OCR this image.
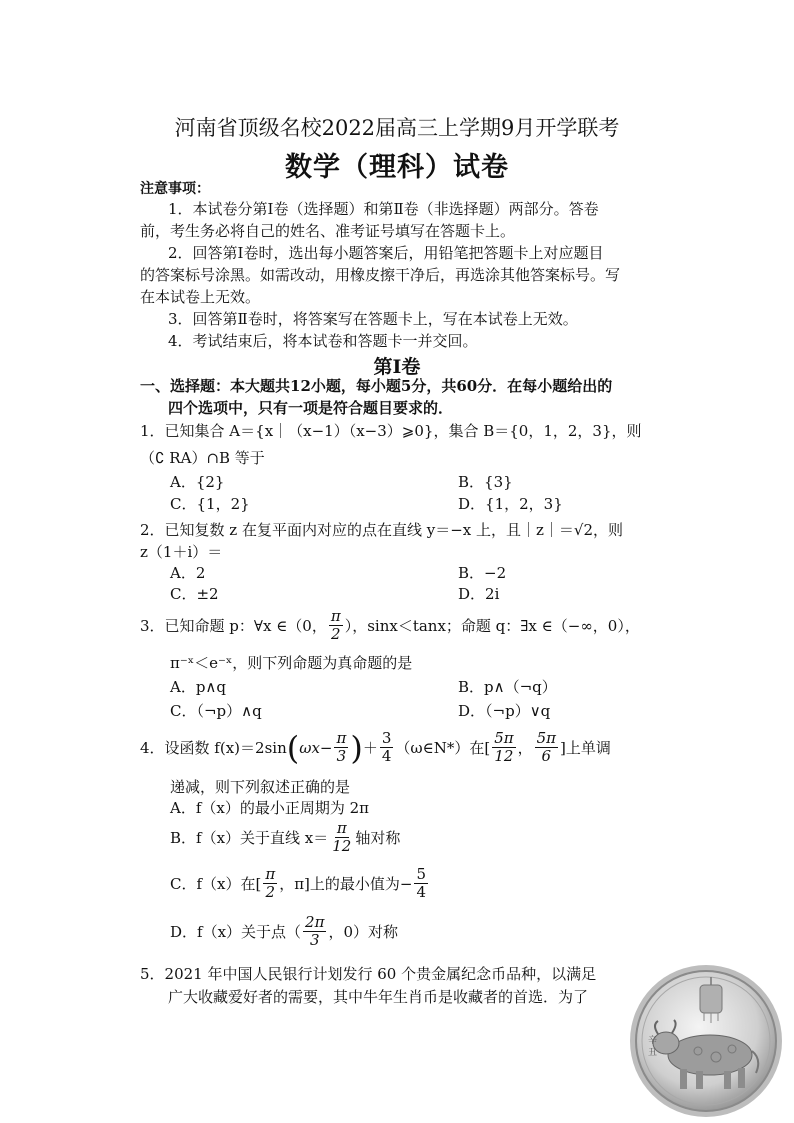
河南省顶级名校2022届高三上学期9月开学联考
数学（理科）试卷
注意事项：
1．本试卷分第Ⅰ卷（选择题）和第Ⅱ卷（非选择题）两部分。答卷
前，考生务必将自己的姓名、准考证号填写在答题卡上。
2．回答第Ⅰ卷时，选出每小题答案后，用铅笔把答题卡上对应题目
的答案标号涂黑。如需改动，用橡皮擦干净后，再选涂其他答案标号。写
在本试卷上无效。
3．回答第Ⅱ卷时，将答案写在答题卡上，写在本试卷上无效。
4．考试结束后，将本试卷和答题卡一并交回。
第Ⅰ卷
一、选择题：本大题共12小题，每小题5分，共60分．在每小题给出的
四个选项中，只有一项是符合题目要求的．
1．已知集合 A＝{x｜（x−1）（x−3）⩾0}，集合 B＝{0，1，2，3}，则
（∁ RA）∩B 等于
A．{2}	B．{3}
C．{1，2}	D．{1，2，3}
2．已知复数 z 在复平面内对应的点在直线 y＝−x 上，且｜z｜＝√2，则
z（1＋i）＝
A．2	B．−2
C．±2	D．2i
3．已知命题 p：∀x ∈（0， $\frac{\pi}{2}$ ），sinx＜tanx；命题 q：∃x ∈（−∞，0），
π⁻ˣ＜e⁻ˣ，则下列命题为真命题的是
A．p∧q	B．p∧（¬q）
C．（¬p）∧q	D．（¬p）∨q
4．设函数 f(x)＝2sin ( $\omega x- \frac{\pi}{3}$ ) ＋ $\frac{3}{4}$ （ω∈N*）在[ $\frac{5\pi}{12}$ ， $\frac{5\pi}{6}$ ]上单调
递减，则下列叙述正确的是
A．f（x）的最小正周期为 2π
B．f（x）关于直线 $x= \frac{\pi}{12}$ 轴对称
C．f（x）在[ $\frac{\pi}{2}$ ，π]上的最小值为− $\frac{5}{4}$
D．f（x）关于点（ $\frac{2\pi}{3}$ ，0）对称
5．2021 年中国人民银行计划发行 60 个贵金属纪念币品种，以满足
广大收藏爱好者的需要，其中牛年生肖币是收藏者的首选．为了
辛
丑
